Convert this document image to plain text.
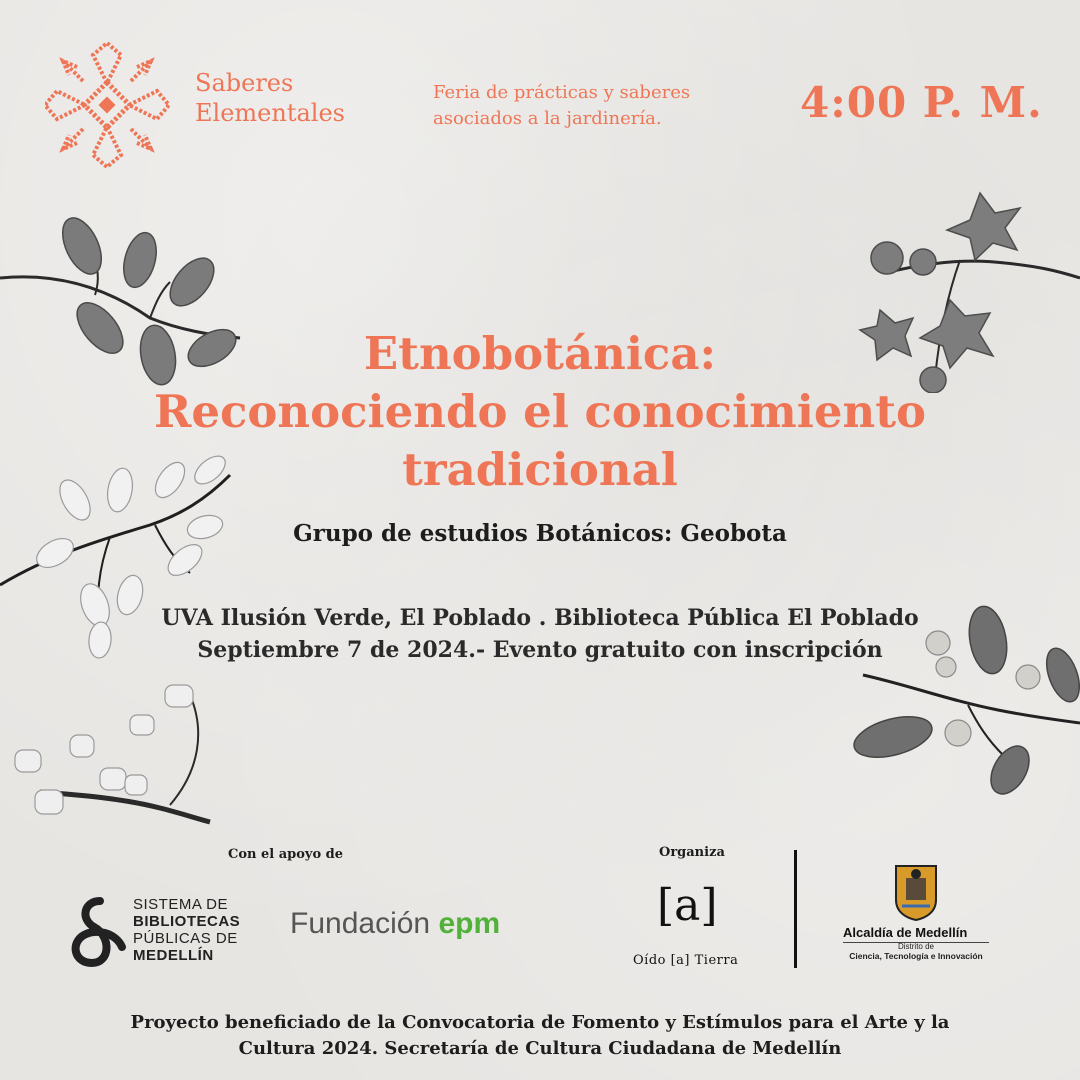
Saberes
Elementales
Feria de prácticas y saberes
asociados a la jardinería.	4:00 P. M.
Etnobotánica:
Reconociendo el conocimiento
tradicional
Grupo de estudios Botánicos: Geobota
UVA Ilusión Verde, El Poblado . Biblioteca Pública El Poblado
Septiembre 7 de 2024.- Evento gratuito con inscripción
Con el apoyo de	Organiza
SISTEMA DE
BIBLIOTECAS
PÚBLICAS DE
MEDELLÍN
Fundación epm	[a]
Oído [a] Tierra
Alcaldía de Medellín
Distrito de
Ciencia, Tecnología e Innovación
Proyecto beneficiado de la Convocatoria de Fomento y Estímulos para el Arte y la
Cultura 2024. Secretaría de Cultura Ciudadana de Medellín
